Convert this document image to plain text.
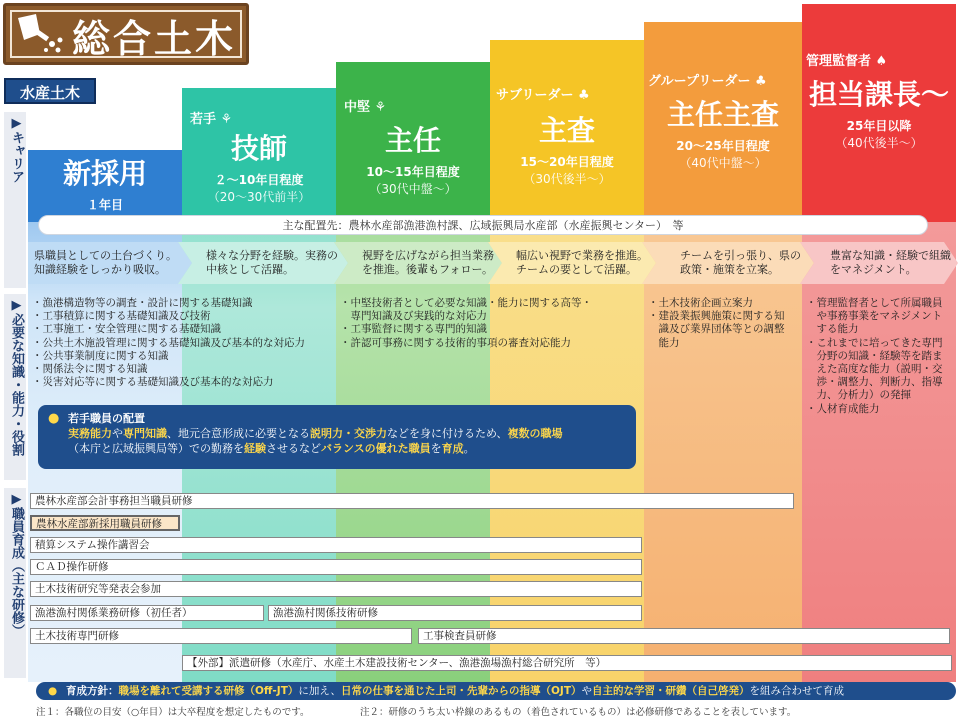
総合土木
水産土木
▶キャリア
▶必要な知識・能力・役割
▶職員育成（主な研修）
新人 ◗
新採用
１年目
若手 ⚘
技師
２～10年目程度
（20～30代前半）
中堅 ⚘
主任
10～15年目程度
（30代中盤～）
サブリーダー ♣
主査
15～20年目程度
（30代後半～）
グループリーダー ♣
主任主査
20～25年目程度
（40代中盤～）
管理監督者 ♠
担当課長～
25年目以降
（40代後半～）
主な配置先：農林水産部漁港漁村課、広域振興局水産部（水産振興センター）　等
県職員としての土台づくり。知識経験をしっかり吸収。
様々な分野を経験。実務の中核として活躍。
視野を広げながら担当業務を推進。後輩もフォロー。
幅広い視野で業務を推進。チームの要として活躍。
チームを引っ張り、県の政策・施策を立案。
豊富な知識・経験で組織をマネジメント。
・漁港構造物等の調査・設計に関する基礎知識
・工事積算に関する基礎知識及び技術
・工事施工・安全管理に関する基礎知識
・公共土木施設管理に関する基礎知識及び基本的な対応力
・公共事業制度に関する知識
・関係法令に関する知識
・災害対応等に関する基礎知識及び基本的な対応力
・中堅技術者として必要な知識・能力に関する高等・
　専門知識及び実践的な対応力
・工事監督に関する専門的知識
・許認可事務に関する技術的事項の審査対応能力
・土木技術企画立案力
・建設業振興施策に関する知
　識及び業界団体等との調整
　能力
・管理監督者として所属職員
　や事務事業をマネジメント
　する能力
・これまでに培ってきた専門
　分野の知識・経験等を踏ま
　えた高度な能力（説明・交
　渉・調整力、判断力、指導
　力、分析力）の発揮
・人材育成能力
● 若手職員の配置
実務能力や専門知識、地元合意形成に必要となる説明力・交渉力などを身に付けるため、複数の職場
（本庁と広域振興局等）での勤務を経験させるなどバランスの優れた職員を育成。
農林水産部会計事務担当職員研修
農林水産部新採用職員研修
積算システム操作講習会
ＣＡＤ操作研修
土木技術研究等発表会参加
漁港漁村関係業務研修（初任者）	漁港漁村関係技術研修
土木技術専門研修	工事検査員研修
【外部】派遣研修（水産庁、水産土木建設技術センター、漁港漁場漁村総合研究所　等）
● 育成方針：職場を離れて受講する研修（Off-JT）に加え、日常の仕事を通じた上司・先輩からの指導（OJT）や自主的な学習・研鑽（自己啓発）を組み合わせて育成
注１：各職位の目安（○年目）は大卒程度を想定したものです。	注２：研修のうち太い枠線のあるもの（着色されているもの）は必修研修であることを表しています。
